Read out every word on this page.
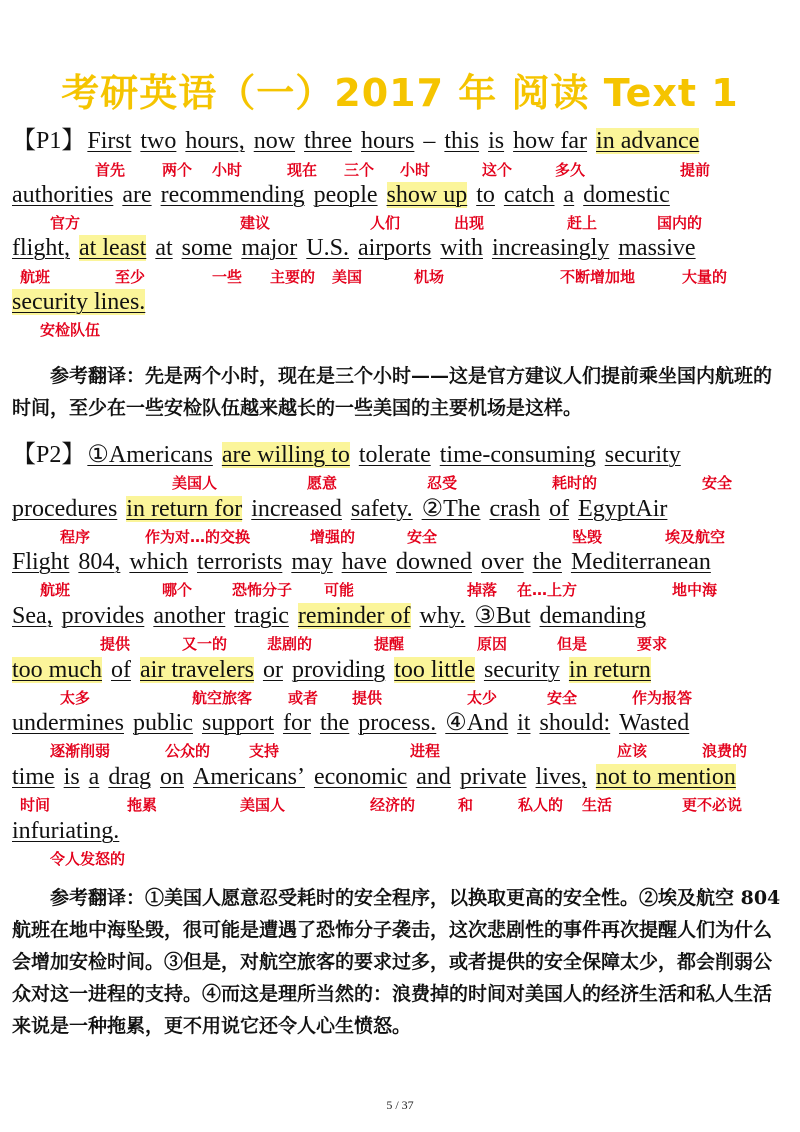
考研英语（一）2017 年 阅读 Text 1
【P1】First two hours, now three hours – this is how far in advance
authorities are recommending people show up to catch a domestic
flight, at least at some major U.S. airports with increasingly massive
security lines.
首先 两个 小时	现在 三个 小时	这个	多久	提前
官方	建议	人们	出现	赶上	国内的
航班	至少	一些 主要的 美国	机场	不断增加地	大量的
安检队伍
参考翻译：先是两个小时，现在是三个小时——这是官方建议人们提前乘坐国内航班的时间，至少在一些安检队伍越来越长的一些美国的主要机场是这样。
【P2】①Americans are willing to tolerate time-consuming security
procedures in return for increased safety. ②The crash of EgyptAir
Flight 804, which terrorists may have downed over the Mediterranean
Sea, provides another tragic reminder of why. ③But demanding
too much of air travelers or providing too little security in return
undermines public support for the process. ④And it should: Wasted
time is a drag on Americans’ economic and private lives, not to mention
infuriating.
美国人	愿意	忍受	耗时的	安全
程序	作为对…的交换	增强的	安全	坠毁	埃及航空
航班	哪个	恐怖分子 可能	掉落 在…上方	地中海
提供	又一的	悲剧的	提醒	原因	但是	要求
太多	航空旅客 或者 提供	太少	安全	作为报答
逐渐削弱	公众的	支持	进程	应该	浪费的
时间	拖累	美国人	经济的	和	私人的 生活	更不必说
令人发怒的
参考翻译：①美国人愿意忍受耗时的安全程序，以换取更高的安全性。②埃及航空 804 航班在地中海坠毁，很可能是遭遇了恐怖分子袭击，这次悲剧性的事件再次提醒人们为什么会增加安检时间。③但是，对航空旅客的要求过多，或者提供的安全保障太少，都会削弱公众对这一进程的支持。④而这是理所当然的：浪费掉的时间对美国人的经济生活和私人生活来说是一种拖累，更不用说它还令人心生愤怒。
5 / 37
